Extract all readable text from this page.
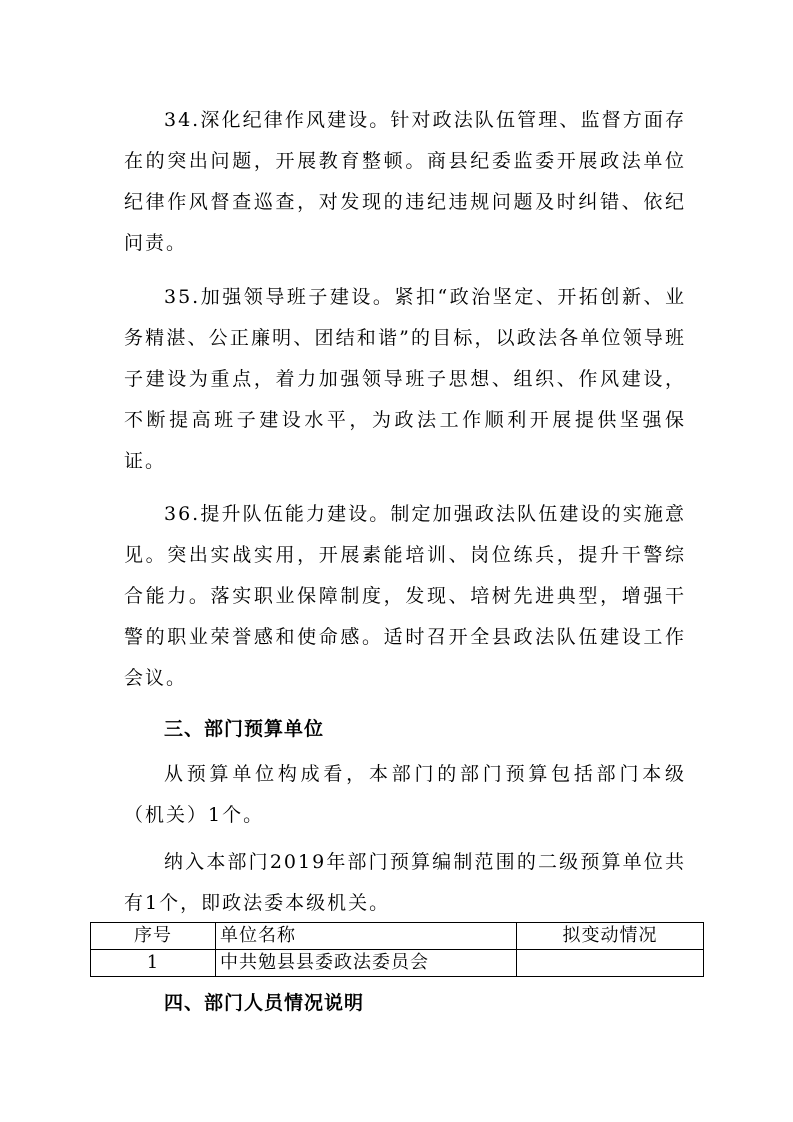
34.深化纪律作风建设。针对政法队伍管理、监督方面存在的突出问题，开展教育整顿。商县纪委监委开展政法单位纪律作风督查巡查，对发现的违纪违规问题及时纠错、依纪问责。

35.加强领导班子建设。紧扣“政治坚定、开拓创新、业务精湛、公正廉明、团结和谐”的目标，以政法各单位领导班子建设为重点，着力加强领导班子思想、组织、作风建设，不断提高班子建设水平，为政法工作顺利开展提供坚强保证。

36.提升队伍能力建设。制定加强政法队伍建设的实施意见。突出实战实用，开展素能培训、岗位练兵，提升干警综合能力。落实职业保障制度，发现、培树先进典型，增强干警的职业荣誉感和使命感。适时召开全县政法队伍建设工作会议。

三、部门预算单位

从预算单位构成看，本部门的部门预算包括部门本级（机关）1个。

纳入本部门2019年部门预算编制范围的二级预算单位共有1个，即政法委本级机关。

序号	单位名称	拟变动情况
1	中共勉县县委政法委员会	
四、部门人员情况说明
